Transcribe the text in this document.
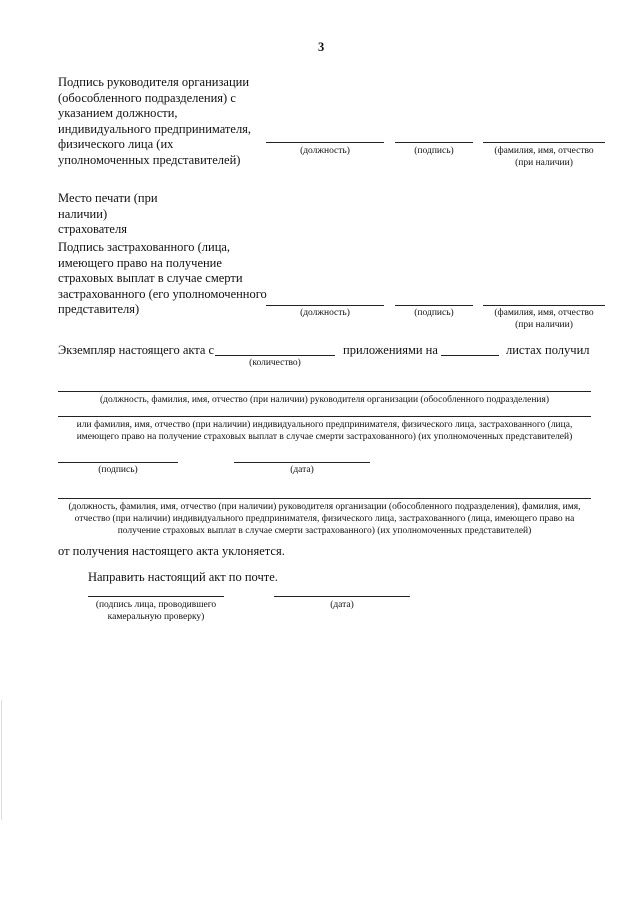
3
Подпись руководителя организации (обособленного подразделения) с указанием должности, индивидуального предпринимателя, физического лица (их уполномоченных представителей)
(должность)	(подпись)	(фамилия, имя, отчество (при наличии)
Место печати (при наличии) страхователя
Подпись застрахованного (лица, имеющего право на получение страховых выплат в случае смерти застрахованного (его уполномоченного представителя)	(должность)	(подпись)	(фамилия, имя, отчество (при наличии)
Экземпляр настоящего акта с	приложениями на	листах получил
(количество)
(должность, фамилия, имя, отчество (при наличии) руководителя организации (обособленного подразделения)
или фамилия, имя, отчество (при наличии) индивидуального предпринимателя, физического лица, застрахованного (лица, имеющего право на получение страховых выплат в случае смерти застрахованного) (их уполномоченных представителей)
(подпись)	(дата)
(должность, фамилия, имя, отчество (при наличии) руководителя организации (обособленного подразделения), фамилия, имя, отчество (при наличии) индивидуального предпринимателя, физического лица, застрахованного (лица, имеющего право на получение страховых выплат в случае смерти застрахованного) (их уполномоченных представителей)
от получения настоящего акта уклоняется.
Направить настоящий акт по почте.
(подпись лица, проводившего камеральную проверку)
(дата)
